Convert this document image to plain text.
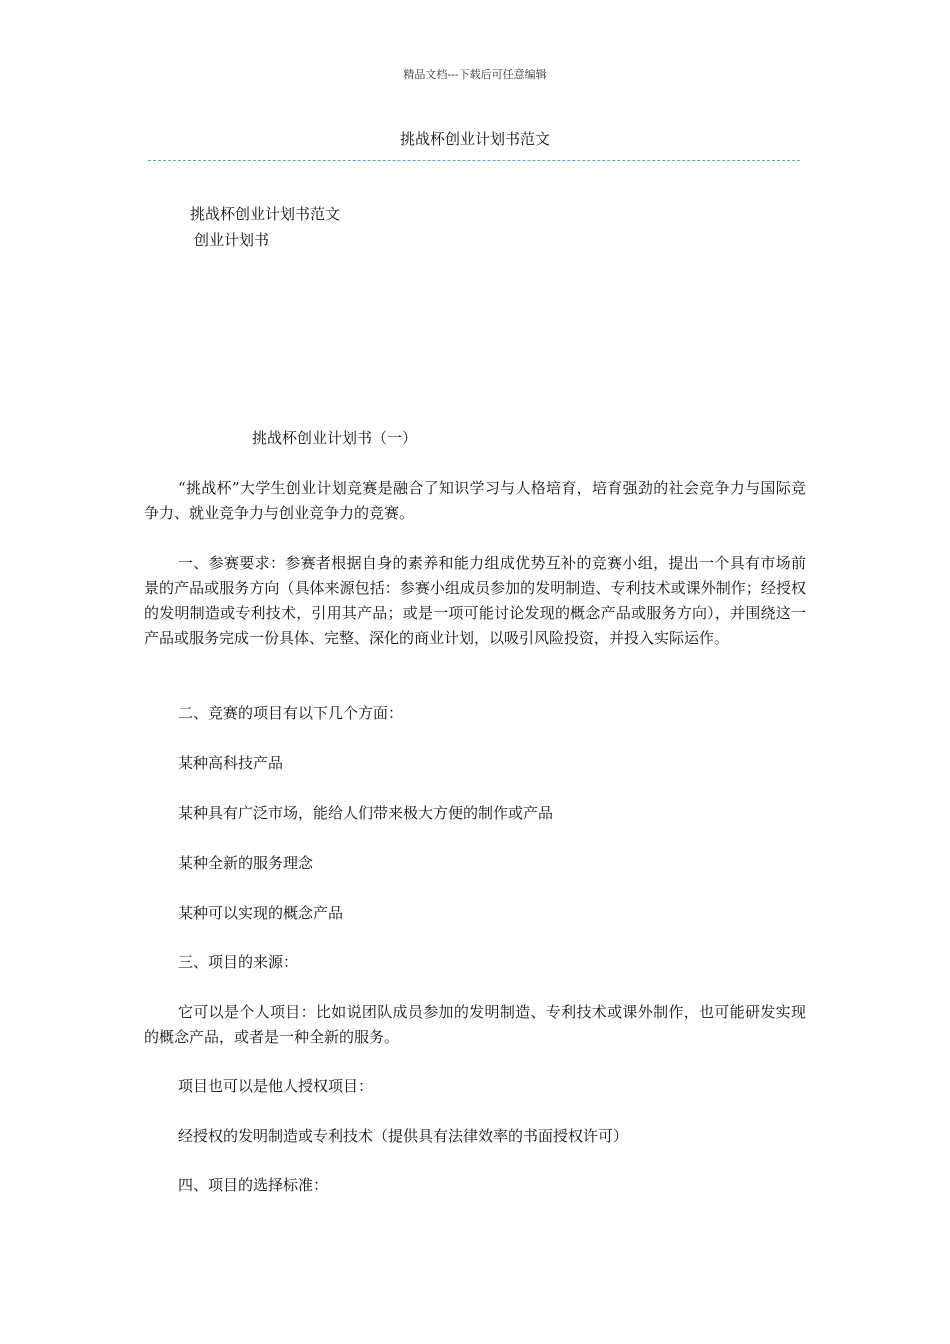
精品文档---下载后可任意编辑
挑战杯创业计划书范文
挑战杯创业计划书范文
创业计划书
挑战杯创业计划书（一）
“挑战杯”大学生创业计划竞赛是融合了知识学习与人格培育，培育强劲的社会竞争力与国际竞争力、就业竞争力与创业竞争力的竞赛。
一、参赛要求：参赛者根据自身的素养和能力组成优势互补的竞赛小组，提出一个具有市场前景的产品或服务方向（具体来源包括：参赛小组成员参加的发明制造、专利技术或课外制作；经授权的发明制造或专利技术，引用其产品；或是一项可能讨论发现的概念产品或服务方向），并围绕这一产品或服务完成一份具体、完整、深化的商业计划，以吸引风险投资，并投入实际运作。
二、竞赛的项目有以下几个方面：
某种高科技产品
某种具有广泛市场，能给人们带来极大方便的制作或产品
某种全新的服务理念
某种可以实现的概念产品
三、项目的来源：
它可以是个人项目：比如说团队成员参加的发明制造、专利技术或课外制作，也可能研发实现的概念产品，或者是一种全新的服务。
项目也可以是他人授权项目：
经授权的发明制造或专利技术（提供具有法律效率的书面授权许可）
四、项目的选择标准：
